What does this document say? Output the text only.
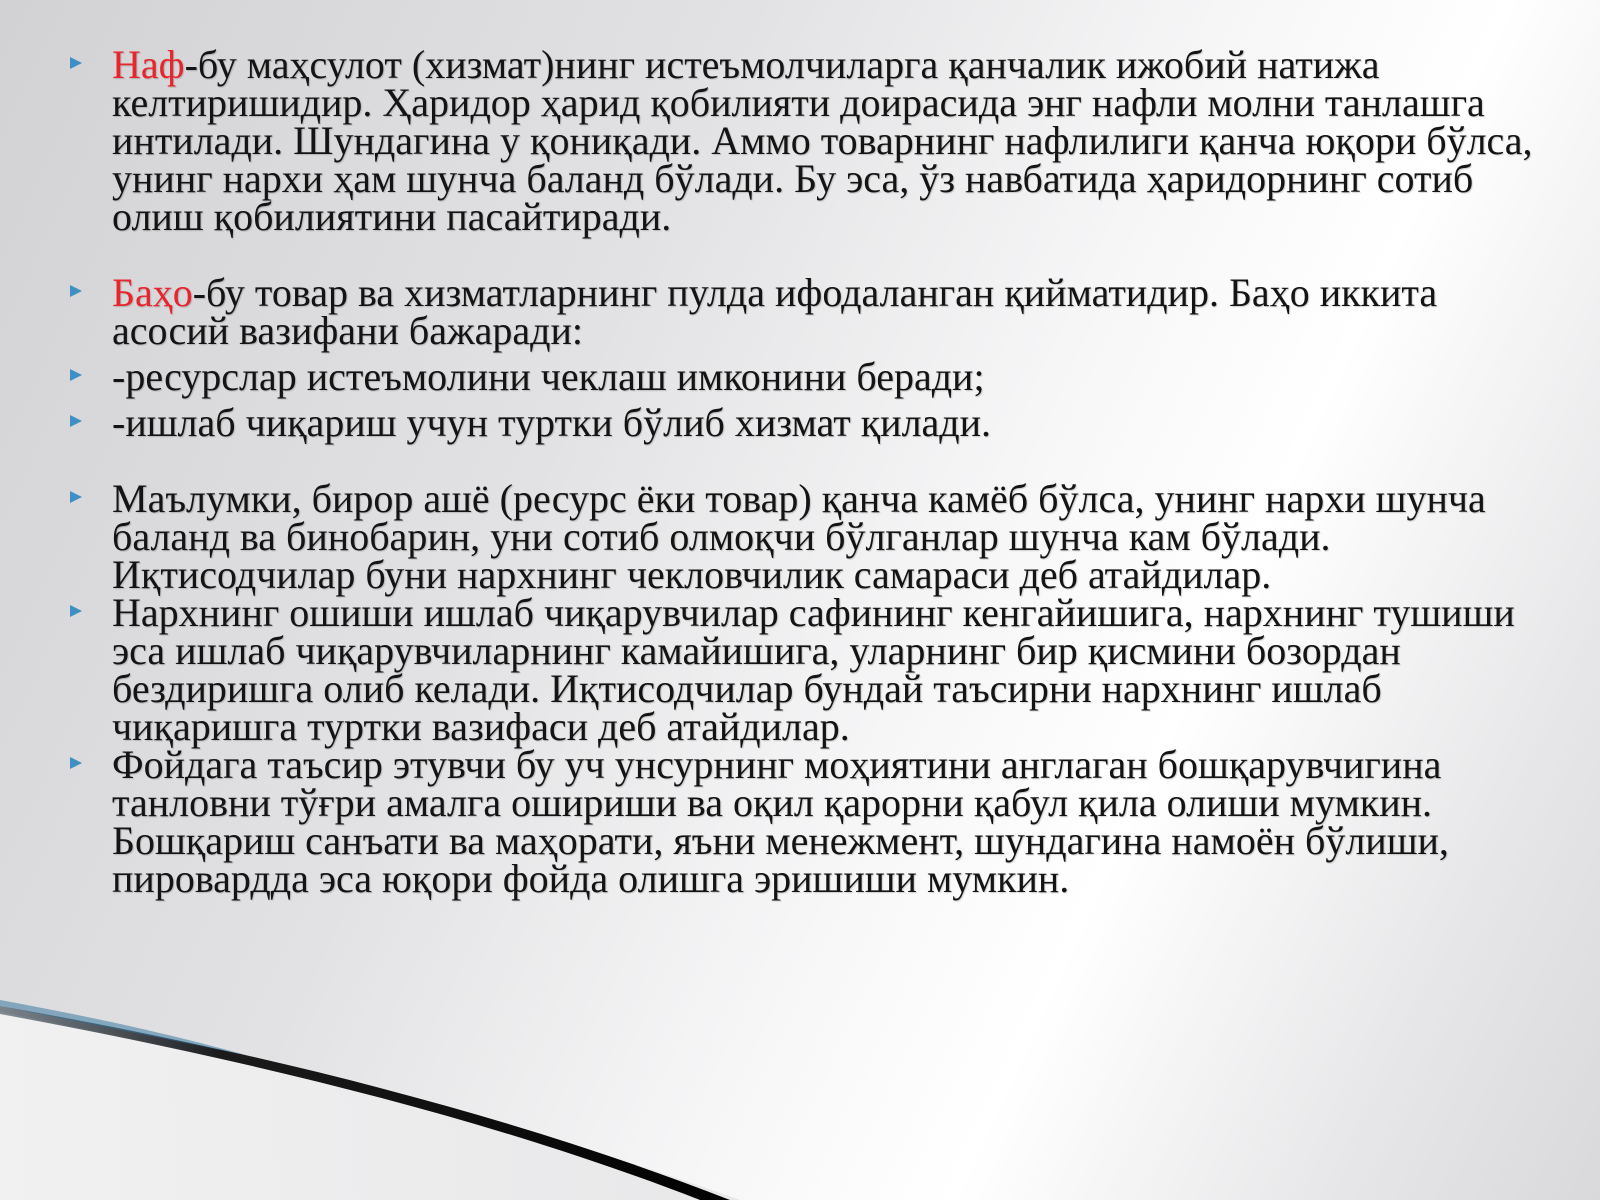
Наф-бу маҳсулот (хизмат)нинг истеъмолчиларга қанчалик ижобий натижа келтиришидир. Ҳаридор ҳарид қобилияти доирасида энг нафли молни танлашга интилади. Шундагина у қониқади. Аммо товарнинг нафлилиги қанча юқори бўлса, унинг нархи ҳам шунча баланд бўлади. Бу эса, ўз навбатида ҳаридорнинг сотиб олиш қобилиятини пасайтиради.

Баҳо-бу товар ва хизматларнинг пулда ифодаланган қийматидир. Баҳо иккита асосий вазифани бажаради:

-ресурслар истеъмолини чеклаш имконини беради;

-ишлаб чиқариш учун туртки бўлиб хизмат қилади.

Маълумки, бирор ашё (ресурс ёки товар) қанча камёб бўлса, унинг нархи шунча баланд ва бинобарин, уни сотиб олмоқчи бўлганлар шунча кам бўлади. Иқтисодчилар буни нархнинг чекловчилик самараси деб атайдилар.

Нархнинг ошиши ишлаб чиқарувчилар сафининг кенгайишига, нархнинг тушиши эса ишлаб чиқарувчиларнинг камайишига, уларнинг бир қисмини бозордан бездиришга олиб келади. Иқтисодчилар бундай таъсирни нархнинг ишлаб чиқаришга туртки вазифаси деб атайдилар.

Фойдага таъсир этувчи бу уч унсурнинг моҳиятини англаган бошқарувчигина танловни тўғри амалга ошириши ва оқил қарорни қабул қила олиши мумкин. Бошқариш санъати ва маҳорати, яъни менежмент, шундагина намоён бўлиши, пировардда эса юқори фойда олишга эришиши мумкин.
